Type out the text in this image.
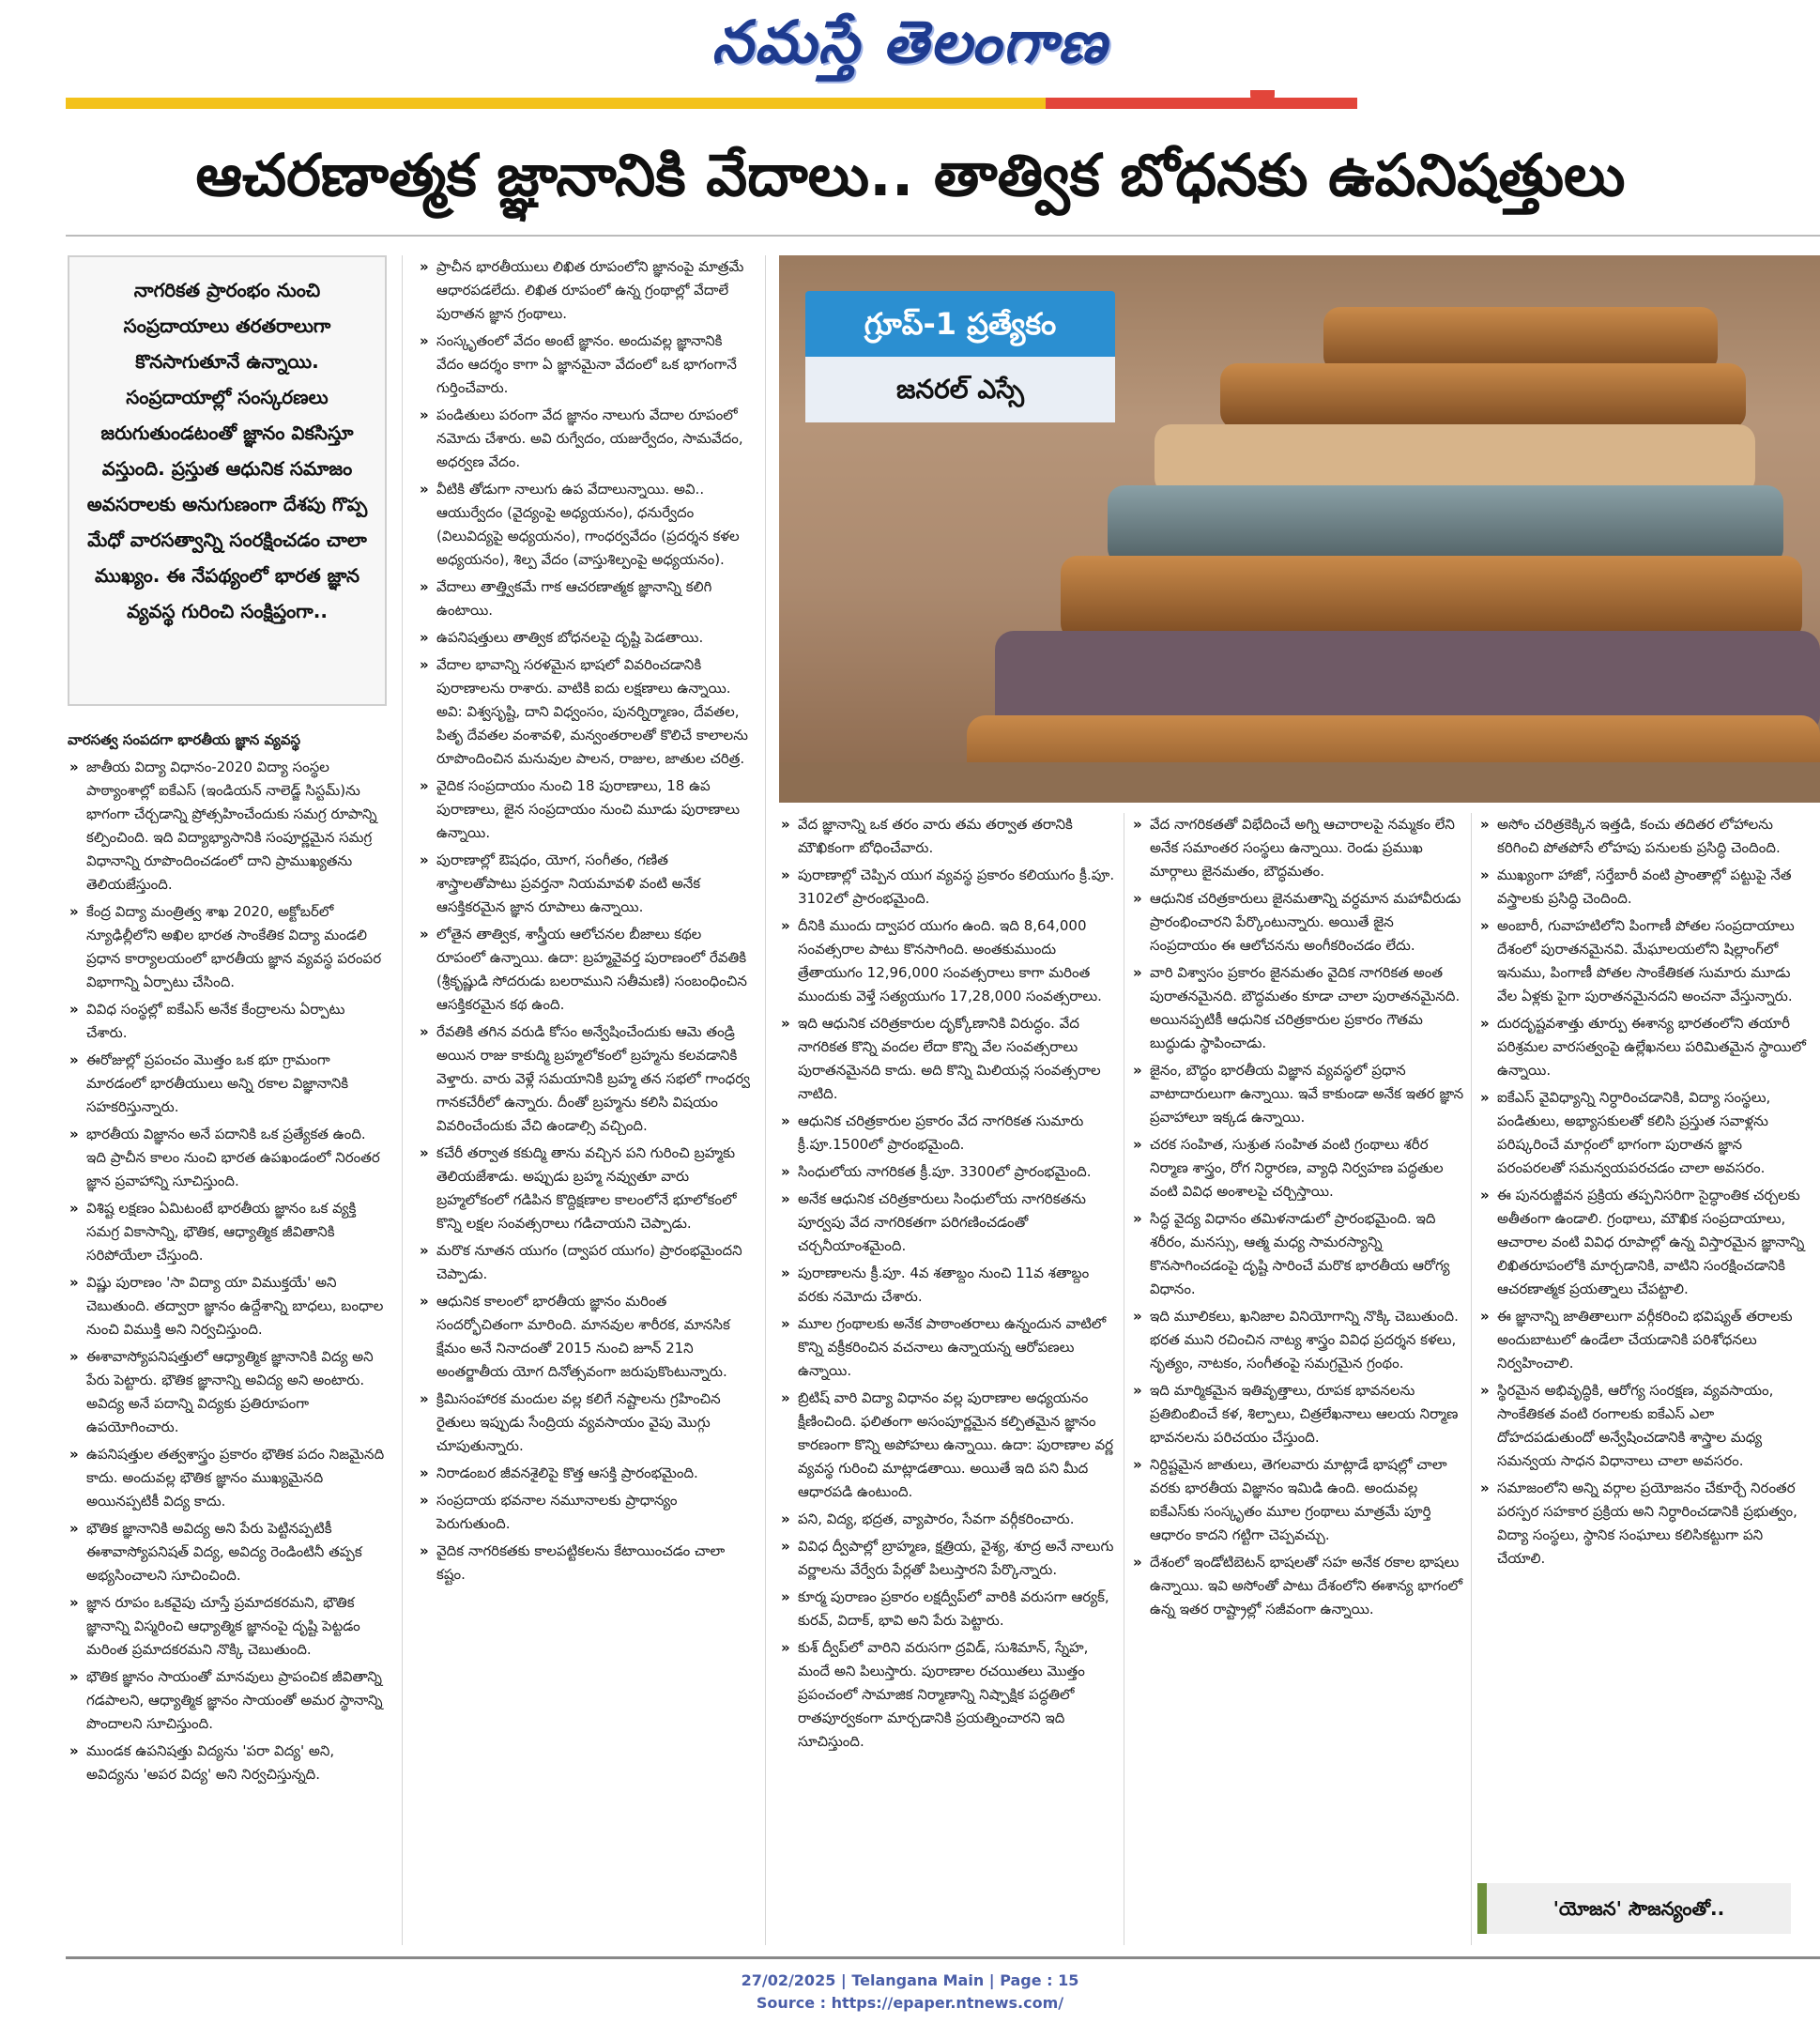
నమస్తే తెలంగాణ
ఆచరణాత్మక జ్ఞానానికి వేదాలు.. తాత్విక బోధనకు ఉపనిషత్తులు
నాగరికత ప్రారంభం నుంచి సంప్రదాయాలు తరతరాలుగా కొనసాగుతూనే ఉన్నాయి. సంప్రదాయాల్లో సంస్కరణలు జరుగుతుండటంతో జ్ఞానం వికసిస్తూ వస్తుంది. ప్రస్తుత ఆధునిక సమాజం అవసరాలకు అనుగుణంగా దేశపు గొప్ప మేధో వారసత్వాన్ని సంరక్షించడం చాలా ముఖ్యం. ఈ నేపథ్యంలో భారత జ్ఞాన వ్యవస్థ గురించి సంక్షిప్తంగా..
గ్రూప్-1 ప్రత్యేకం
జనరల్ ఎస్సే

వారసత్వ సంపదగా భారతీయ జ్ఞాన వ్యవస్థ

» జాతీయ విద్యా విధానం-2020 విద్యా సంస్థల పాఠ్యాంశాల్లో ఐకేఎస్ (ఇండియన్ నాలెడ్జ్ సిస్టమ్)ను భాగంగా చేర్చడాన్ని ప్రోత్సహించేందుకు సమగ్ర రూపాన్ని కల్పించింది. ఇది విద్యాభ్యాసానికి సంపూర్ణమైన సమగ్ర విధానాన్ని రూపొందించడంలో దాని ప్రాముఖ్యతను తెలియజేస్తుంది.

» కేంద్ర విద్యా మంత్రిత్వ శాఖ 2020, అక్టోబర్‌లో న్యూఢిల్లీలోని అఖిల భారత సాంకేతిక విద్యా మండలి ప్రధాన కార్యాలయంలో భారతీయ జ్ఞాన వ్యవస్థ పరంపర విభాగాన్ని ఏర్పాటు చేసింది.

» వివిధ సంస్థల్లో ఐకేఎస్ అనేక కేంద్రాలను ఏర్పాటు చేశారు.

» ఈరోజుల్లో ప్రపంచం మొత్తం ఒక భూ గ్రామంగా మారడంలో భారతీయులు అన్ని రకాల విజ్ఞానానికి సహకరిస్తున్నారు.

» భారతీయ విజ్ఞానం అనే పదానికి ఒక ప్రత్యేకత ఉంది. ఇది ప్రాచీన కాలం నుంచి భారత ఉపఖండంలో నిరంతర జ్ఞాన ప్రవాహాన్ని సూచిస్తుంది.

» విశిష్ట లక్షణం ఏమిటంటే భారతీయ జ్ఞానం ఒక వ్యక్తి సమగ్ర వికాసాన్ని, భౌతిక, ఆధ్యాత్మిక జీవితానికి సరిపోయేలా చేస్తుంది.

» విష్ణు పురాణం 'సా విద్యా యా విముక్తయే' అని చెబుతుంది. తద్వారా జ్ఞానం ఉద్దేశాన్ని బాధలు, బంధాల నుంచి విముక్తి అని నిర్వచిస్తుంది.

» ఈశావాస్యోపనిషత్తులో ఆధ్యాత్మిక జ్ఞానానికి విద్య అని పేరు పెట్టారు. భౌతిక జ్ఞానాన్ని అవిద్య అని అంటారు. అవిద్య అనే పదాన్ని విద్యకు ప్రతిరూపంగా ఉపయోగించారు.

» ఉపనిషత్తుల తత్వశాస్త్రం ప్రకారం భౌతిక పదం నిజమైనది కాదు. అందువల్ల భౌతిక జ్ఞానం ముఖ్యమైనది అయినప్పటికీ విద్య కాదు.

» భౌతిక జ్ఞానానికి అవిద్య అని పేరు పెట్టినప్పటికీ ఈశావాస్యోపనిషత్ విద్య, అవిద్య రెండింటినీ తప్పక అభ్యసించాలని సూచించింది.

» జ్ఞాన రూపం ఒకవైపు చూస్తే ప్రమాదకరమని, భౌతిక జ్ఞానాన్ని విస్మరించి ఆధ్యాత్మిక జ్ఞానంపై దృష్టి పెట్టడం మరింత ప్రమాదకరమని నొక్కి చెబుతుంది.

» భౌతిక జ్ఞానం సాయంతో మానవులు ప్రాపంచిక జీవితాన్ని గడపాలని, ఆధ్యాత్మిక జ్ఞానం సాయంతో అమర స్థానాన్ని పొందాలని సూచిస్తుంది.

» ముండక ఉపనిషత్తు విద్యను 'పరా విద్య' అని, అవిద్యను 'అపర విద్య' అని నిర్వచిస్తున్నది.

» ప్రాచీన భారతీయులు లిఖిత రూపంలోని జ్ఞానంపై మాత్రమే ఆధారపడలేదు. లిఖిత రూపంలో ఉన్న గ్రంథాల్లో వేదాలే పురాతన జ్ఞాన గ్రంథాలు.

» సంస్కృతంలో వేదం అంటే జ్ఞానం. అందువల్ల జ్ఞానానికి వేదం ఆదర్శం కాగా ఏ జ్ఞానమైనా వేదంలో ఒక భాగంగానే గుర్తించేవారు.

» పండితులు పరంగా వేద జ్ఞానం నాలుగు వేదాల రూపంలో నమోదు చేశారు. అవి రుగ్వేదం, యజుర్వేదం, సామవేదం, అధర్వణ వేదం.

» వీటికి తోడుగా నాలుగు ఉప వేదాలున్నాయి. అవి.. ఆయుర్వేదం (వైద్యంపై అధ్యయనం), ధనుర్వేదం (విలువిద్యపై అధ్యయనం), గాంధర్వవేదం (ప్రదర్శన కళల అధ్యయనం), శిల్ప వేదం (వాస్తుశిల్పంపై అధ్యయనం).

» వేదాలు తాత్త్వికమే గాక ఆచరణాత్మక జ్ఞానాన్ని కలిగి ఉంటాయి.

» ఉపనిషత్తులు తాత్విక బోధనలపై దృష్టి పెడతాయి.

» వేదాల భావాన్ని సరళమైన భాషలో వివరించడానికి పురాణాలను రాశారు. వాటికి ఐదు లక్షణాలు ఉన్నాయి. అవి: విశ్వసృష్టి, దాని విధ్వంసం, పునర్నిర్మాణం, దేవతల, పితృ దేవతల వంశావళి, మన్వంతరాలతో కొలిచే కాలాలను రూపొందించిన మనువుల పాలన, రాజుల, జాతుల చరిత్ర.

» వైదిక సంప్రదాయం నుంచి 18 పురాణాలు, 18 ఉప పురాణాలు, జైన సంప్రదాయం నుంచి మూడు పురాణాలు ఉన్నాయి.

» పురాణాల్లో ఔషధం, యోగ, సంగీతం, గణిత శాస్త్రాలతోపాటు ప్రవర్తనా నియమావళి వంటి అనేక ఆసక్తికరమైన జ్ఞాన రూపాలు ఉన్నాయి.

» లోతైన తాత్విక, శాస్త్రీయ ఆలోచనల బీజాలు కథల రూపంలో ఉన్నాయి. ఉదా: బ్రహ్మవైవర్త పురాణంలో రేవతికి (శ్రీకృష్ణుడి సోదరుడు బలరాముని సతీమణి) సంబంధించిన ఆసక్తికరమైన కథ ఉంది.

» రేవతికి తగిన వరుడి కోసం అన్వేషించేందుకు ఆమె తండ్రి అయిన రాజు కాకుద్మి బ్రహ్మలోకంలో బ్రహ్మను కలవడానికి వెళ్తారు. వారు వెళ్లే సమయానికి బ్రహ్మ తన సభలో గాంధర్వ గానకచేరీలో ఉన్నారు. దీంతో బ్రహ్మను కలిసి విషయం వివరించేందుకు వేచి ఉండాల్సి వచ్చింది.

» కచేరీ తర్వాత కకుద్మి తాను వచ్చిన పని గురించి బ్రహ్మకు తెలియజేశాడు. అప్పుడు బ్రహ్మ నవ్వుతూ వారు బ్రహ్మలోకంలో గడిపిన కొద్దిక్షణాల కాలంలోనే భూలోకంలో కొన్ని లక్షల సంవత్సరాలు గడిచాయని చెప్పాడు.

» మరొక నూతన యుగం (ద్వాపర యుగం) ప్రారంభమైందని చెప్పాడు.

» ఆధునిక కాలంలో భారతీయ జ్ఞానం మరింత సందర్భోచితంగా మారింది. మానవుల శారీరక, మానసిక క్షేమం అనే నినాదంతో 2015 నుంచి జూన్ 21ని అంతర్జాతీయ యోగ దినోత్సవంగా జరుపుకొంటున్నారు.

» క్రిమిసంహారక మందుల వల్ల కలిగే నష్టాలను గ్రహించిన రైతులు ఇప్పుడు సేంద్రియ వ్యవసాయం వైపు మొగ్గు చూపుతున్నారు.

» నిరాడంబర జీవనశైలిపై కొత్త ఆసక్తి ప్రారంభమైంది.

» సంప్రదాయ భవనాల నమూనాలకు ప్రాధాన్యం పెరుగుతుంది.

» వైదిక నాగరికతకు కాలపట్టికలను కేటాయించడం చాలా కష్టం.

» వేద జ్ఞానాన్ని ఒక తరం వారు తమ తర్వాత తరానికి మౌఖికంగా బోధించేవారు.

» పురాణాల్లో చెప్పిన యుగ వ్యవస్థ ప్రకారం కలియుగం క్రీ.పూ. 3102లో ప్రారంభమైంది.

» దీనికి ముందు ద్వాపర యుగం ఉంది. ఇది 8,64,000 సంవత్సరాల పాటు కొనసాగింది. అంతకుముందు త్రేతాయుగం 12,96,000 సంవత్సరాలు కాగా మరింత ముందుకు వెళ్తే సత్యయుగం 17,28,000 సంవత్సరాలు.

» ఇది ఆధునిక చరిత్రకారుల దృక్కోణానికి విరుద్ధం. వేద నాగరికత కొన్ని వందల లేదా కొన్ని వేల సంవత్సరాలు పురాతనమైనది కాదు. అది కొన్ని మిలియన్ల సంవత్సరాల నాటిది.

» ఆధునిక చరిత్రకారుల ప్రకారం వేద నాగరికత సుమారు క్రీ.పూ.1500లో ప్రారంభమైంది.

» సింధులోయ నాగరికత క్రీ.పూ. 3300లో ప్రారంభమైంది.

» అనేక ఆధునిక చరిత్రకారులు సింధులోయ నాగరికతను పూర్వపు వేద నాగరికతగా పరిగణించడంతో చర్చనీయాంశమైంది.

» పురాణాలను క్రీ.పూ. 4వ శతాబ్దం నుంచి 11వ శతాబ్దం వరకు నమోదు చేశారు.

» మూల గ్రంథాలకు అనేక పాఠాంతరాలు ఉన్నందున వాటిలో కొన్ని వక్రీకరించిన వచనాలు ఉన్నాయన్న ఆరోపణలు ఉన్నాయి.

» బ్రిటిష్ వారి విద్యా విధానం వల్ల పురాణాల అధ్యయనం క్షీణించింది. ఫలితంగా అసంపూర్ణమైన కల్పితమైన జ్ఞానం కారణంగా కొన్ని అపోహలు ఉన్నాయి. ఉదా: పురాణాల వర్ణ వ్యవస్థ గురించి మాట్లాడతాయి. అయితే ఇది పని మీద ఆధారపడి ఉంటుంది.

» పని, విద్య, భద్రత, వ్యాపారం, సేవగా వర్గీకరించారు.

» వివిధ ద్వీపాల్లో బ్రాహ్మణ, క్షత్రియ, వైశ్య, శూద్ర అనే నాలుగు వర్ణాలను వేర్వేరు పేర్లతో పిలుస్తారని పేర్కొన్నారు.

» కూర్మ పురాణం ప్రకారం లక్షద్వీప్‌లో వారికి వరుసగా ఆర్యక్, కురవ్, విదాక్, భావి అని పేరు పెట్టారు.

» కుశ్ ద్వీప్‌లో వారిని వరుసగా ద్రవిడ్, సుశిమాన్, స్నేహ, మందే అని పిలుస్తారు. పురాణాల రచయితలు మొత్తం ప్రపంచంలో సామాజిక నిర్మాణాన్ని నిష్పాక్షిక పద్ధతిలో రాతపూర్వకంగా మార్చడానికి ప్రయత్నించారని ఇది సూచిస్తుంది.

» వేద నాగరికతతో విభేదించే అగ్ని ఆచారాలపై నమ్మకం లేని అనేక సమాంతర సంస్థలు ఉన్నాయి. రెండు ప్రముఖ మార్గాలు జైనమతం, బౌద్ధమతం.

» ఆధునిక చరిత్రకారులు జైనమతాన్ని వర్ధమాన మహావీరుడు ప్రారంభించారని పేర్కొంటున్నారు. అయితే జైన సంప్రదాయం ఈ ఆలోచనను అంగీకరించడం లేదు.

» వారి విశ్వాసం ప్రకారం జైనమతం వైదిక నాగరికత అంత పురాతనమైనది. బౌద్ధమతం కూడా చాలా పురాతనమైనది. అయినప్పటికీ ఆధునిక చరిత్రకారుల ప్రకారం గౌతమ బుద్ధుడు స్థాపించాడు.

» జైనం, బౌద్ధం భారతీయ విజ్ఞాన వ్యవస్థలో ప్రధాన వాటాదారులుగా ఉన్నాయి. ఇవే కాకుండా అనేక ఇతర జ్ఞాన ప్రవాహాలూ ఇక్కడ ఉన్నాయి.

» చరక సంహిత, సుశ్రుత సంహిత వంటి గ్రంథాలు శరీర నిర్మాణ శాస్త్రం, రోగ నిర్ధారణ, వ్యాధి నిర్వహణ పద్ధతుల వంటి వివిధ అంశాలపై చర్చిస్తాయి.

» సిద్ధ వైద్య విధానం తమిళనాడులో ప్రారంభమైంది. ఇది శరీరం, మనస్సు, ఆత్మ మధ్య సామరస్యాన్ని కొనసాగించడంపై దృష్టి సారించే మరొక భారతీయ ఆరోగ్య విధానం.

» ఇది మూలికలు, ఖనిజాల వినియోగాన్ని నొక్కి చెబుతుంది. భరత ముని రచించిన నాట్య శాస్త్రం వివిధ ప్రదర్శన కళలు, నృత్యం, నాటకం, సంగీతంపై సమగ్రమైన గ్రంథం.

» ఇది మార్మికమైన ఇతివృత్తాలు, రూపక భావనలను ప్రతిబింబించే కళ, శిల్పాలు, చిత్రలేఖనాలు ఆలయ నిర్మాణ భావనలను పరిచయం చేస్తుంది.

» నిర్దిష్టమైన జాతులు, తెగలవారు మాట్లాడే భాషల్లో చాలా వరకు భారతీయ విజ్ఞానం ఇమిడి ఉంది. అందువల్ల ఐకేఎస్‌కు సంస్కృతం మూల గ్రంథాలు మాత్రమే పూర్తి ఆధారం కాదని గట్టిగా చెప్పవచ్చు.

» దేశంలో ఇండోటిబెటన్ భాషలతో సహ అనేక రకాల భాషలు ఉన్నాయి. ఇవి అసోంతో పాటు దేశంలోని ఈశాన్య భాగంలో ఉన్న ఇతర రాష్ట్రాల్లో సజీవంగా ఉన్నాయి.

» అసోం చరిత్రకెక్కిన ఇత్తడి, కంచు తదితర లోహాలను కరిగించి పోతపోసే లోహపు పనులకు ప్రసిద్ధి చెందింది.

» ముఖ్యంగా హాజో, సర్తేబారీ వంటి ప్రాంతాల్లో పట్టుపై నేత వస్త్రాలకు ప్రసిద్ధి చెందింది.

» అంబారీ, గువాహటిలోని పింగాణీ పోతల సంప్రదాయాలు దేశంలో పురాతనమైనవి. మేఘాలయలోని షిల్లాంగ్‌లో ఇనుము, పింగాణీ పోతల సాంకేతికత సుమారు మూడు వేల ఏళ్లకు పైగా పురాతనమైనదని అంచనా వేస్తున్నారు.

» దురదృష్టవశాత్తు తూర్పు ఈశాన్య భారతంలోని తయారీ పరిశ్రమల వారసత్వంపై ఉల్లేఖనలు పరిమితమైన స్థాయిలో ఉన్నాయి.

» ఐకేఎస్ వైవిధ్యాన్ని నిర్ధారించడానికి, విద్యా సంస్థలు, పండితులు, అభ్యాసకులతో కలిసి ప్రస్తుత సవాళ్లను పరిష్కరించే మార్గంలో భాగంగా పురాతన జ్ఞాన పరంపరలతో సమన్వయపరచడం చాలా అవసరం.

» ఈ పునరుజ్జీవన ప్రక్రియ తప్పనిసరిగా సైద్ధాంతిక చర్చలకు అతీతంగా ఉండాలి. గ్రంథాలు, మౌఖిక సంప్రదాయాలు, ఆచారాల వంటి వివిధ రూపాల్లో ఉన్న విస్తారమైన జ్ఞానాన్ని లిఖితరూపంలోకి మార్చడానికి, వాటిని సంరక్షించడానికి ఆచరణాత్మక ప్రయత్నాలు చేపట్టాలి.

» ఈ జ్ఞానాన్ని జాతితాలుగా వర్గీకరించి భవిష్యత్ తరాలకు అందుబాటులో ఉండేలా చేయడానికి పరిశోధనలు నిర్వహించాలి.

» స్థిరమైన అభివృద్ధికి, ఆరోగ్య సంరక్షణ, వ్యవసాయం, సాంకేతికత వంటి రంగాలకు ఐకేఎస్ ఎలా దోహదపడుతుందో అన్వేషించడానికి శాస్త్రాల మధ్య సమన్వయ సాధన విధానాలు చాలా అవసరం.

» సమాజంలోని అన్ని వర్గాల ప్రయోజనం చేకూర్చే నిరంతర పరస్పర సహకార ప్రక్రియ అని నిర్ధారించడానికి ప్రభుత్వం, విద్యా సంస్థలు, స్థానిక సంఘాలు కలిసికట్టుగా పని చేయాలి.

'యోజన' సౌజన్యంతో..
27/02/2025 | Telangana Main | Page : 15
Source : https://epaper.ntnews.com/
